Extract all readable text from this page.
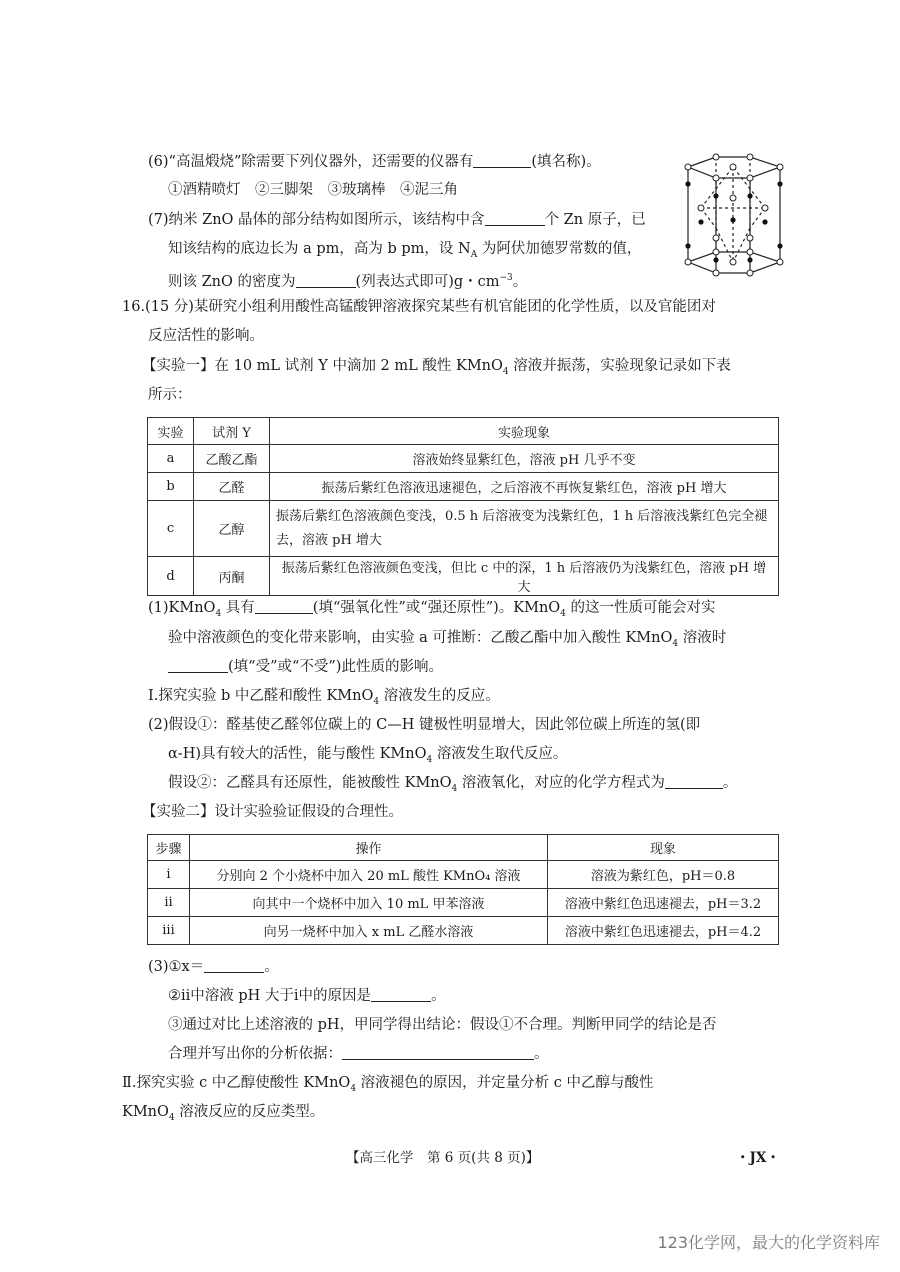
(6)“高温煅烧”除需要下列仪器外，还需要的仪器有	(填名称)。
①酒精喷灯　②三脚架　③玻璃棒　④泥三角
(7)纳米 ZnO 晶体的部分结构如图所示，该结构中含	个 Zn 原子，已
知该结构的底边长为 a pm，高为 b pm，设 $N_A$ 为阿伏加德罗常数的值，
则该 ZnO 的密度为	(列表达式即可)g・$cm^{-3}$。
16.(15 分)某研究小组利用酸性高锰酸钾溶液探究某些有机官能团的化学性质，以及官能团对
反应活性的影响。
【实验一】在 10 mL 试剂 Y 中滴加 2 mL 酸性 KMnO$_4$ 溶液并振荡，实验现象记录如下表
所示：
实验	试剂 Y	实验现象
a	乙酸乙酯	溶液始终显紫红色，溶液 pH 几乎不变
b	乙醛	振荡后紫红色溶液迅速褪色，之后溶液不再恢复紫红色，溶液 pH 增大
c	乙醇	振荡后紫红色溶液颜色变浅，0.5 h 后溶液变为浅紫红色，1 h 后溶液浅紫红色完全褪去，溶液 pH 增大
d	丙酮	振荡后紫红色溶液颜色变浅，但比 c 中的深，1 h 后溶液仍为浅紫红色，溶液 pH 增大
(1)KMnO$_4$ 具有	(填“强氧化性”或“强还原性”)。KMnO$_4$ 的这一性质可能会对实
验中溶液颜色的变化带来影响，由实验 a 可推断：乙酸乙酯中加入酸性 KMnO$_4$ 溶液时
(填“受”或“不受”)此性质的影响。
Ⅰ.探究实验 b 中乙醛和酸性 KMnO$_4$ 溶液发生的反应。
(2)假设①：醛基使乙醛邻位碳上的 C—H 键极性明显增大，因此邻位碳上所连的氢(即
α-H)具有较大的活性，能与酸性 KMnO$_4$ 溶液发生取代反应。
假设②：乙醛具有还原性，能被酸性 KMnO$_4$ 溶液氧化，对应的化学方程式为	。
【实验二】设计实验验证假设的合理性。
步骤	操作	现象
ⅰ	分别向 2 个小烧杯中加入 20 mL 酸性 KMnO₄ 溶液	溶液为紫红色，pH＝0.8
ⅱ	向其中一个烧杯中加入 10 mL 甲苯溶液	溶液中紫红色迅速褪去，pH＝3.2
ⅲ	向另一烧杯中加入 x mL 乙醛水溶液	溶液中紫红色迅速褪去，pH＝4.2
(3)①x＝	。
②ⅱ中溶液 pH 大于ⅰ中的原因是	。
③通过对比上述溶液的 pH，甲同学得出结论：假设①不合理。判断甲同学的结论是否
合理并写出你的分析依据：	。
Ⅱ.探究实验 c 中乙醇使酸性 KMnO$_4$ 溶液褪色的原因，并定量分析 c 中乙醇与酸性
KMnO$_4$ 溶液反应的反应类型。
【高三化学　第 6 页(共 8 页)】	・JX・
123化学网，最大的化学资料库
